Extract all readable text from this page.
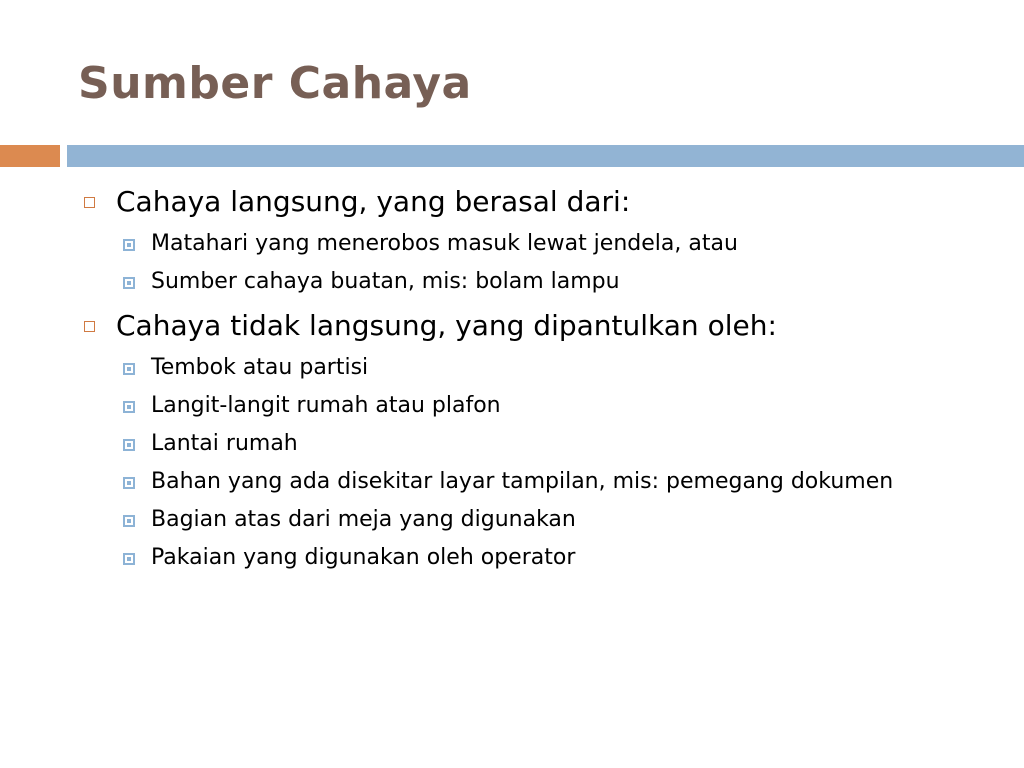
Sumber Cahaya
Cahaya langsung, yang berasal dari:
Matahari yang menerobos masuk lewat jendela, atau
Sumber cahaya buatan, mis: bolam lampu
Cahaya tidak langsung, yang dipantulkan oleh:
Tembok atau partisi
Langit-langit rumah atau plafon
Lantai rumah
Bahan yang ada disekitar layar tampilan, mis: pemegang dokumen
Bagian atas dari meja yang digunakan
Pakaian yang digunakan oleh operator
